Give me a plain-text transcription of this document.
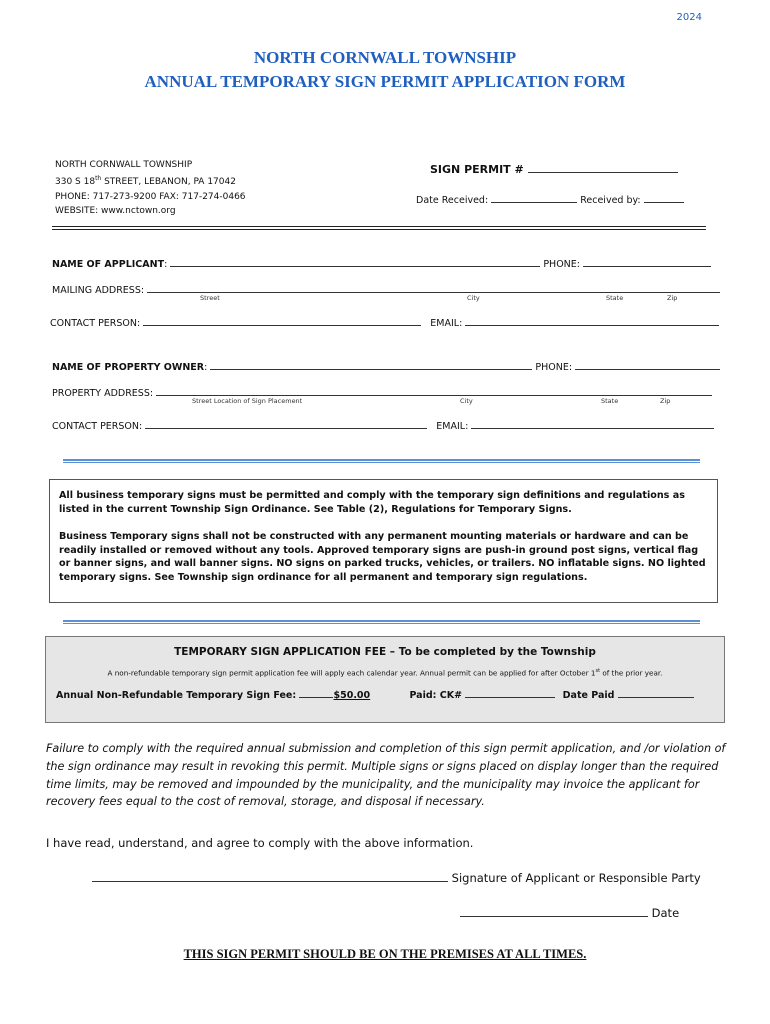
2024
NORTH CORNWALL TOWNSHIP
ANNUAL TEMPORARY SIGN PERMIT APPLICATION FORM
NORTH CORNWALL TOWNSHIP
330 S 18th STREET, LEBANON, PA 17042
PHONE: 717-273-9200 FAX: 717-274-0466
WEBSITE: www.nctown.org
SIGN PERMIT #
Date Received:	Received by:
NAME OF APPLICANT:	PHONE:
MAILING ADDRESS:
Street	City	State	Zip
CONTACT PERSON:	EMAIL:
NAME OF PROPERTY OWNER:	PHONE:
PROPERTY ADDRESS:
Street Location of Sign Placement	City	State	Zip
CONTACT PERSON:	EMAIL:
All business temporary signs must be permitted and comply with the temporary sign definitions and regulations as listed in the current Township Sign Ordinance. See Table (2), Regulations for Temporary Signs.
Business Temporary signs shall not be constructed with any permanent mounting materials or hardware and can be readily installed or removed without any tools. Approved temporary signs are push-in ground post signs, vertical flag or banner signs, and wall banner signs. NO signs on parked trucks, vehicles, or trailers. NO inflatable signs. NO lighted temporary signs. See Township sign ordinance for all permanent and temporary sign regulations.
TEMPORARY SIGN APPLICATION FEE – To be completed by the Township
A non-refundable temporary sign permit application fee will apply each calendar year. Annual permit can be applied for after October 1st of the prior year.
Annual Non-Refundable Temporary Sign Fee:	$50.00	Paid: CK#	Date Paid
Failure to comply with the required annual submission and completion of this sign permit application, and /or violation of the sign ordinance may result in revoking this permit. Multiple signs or signs placed on display longer than the required time limits, may be removed and impounded by the municipality, and the municipality may invoice the applicant for recovery fees equal to the cost of removal, storage, and disposal if necessary.
I have read, understand, and agree to comply with the above information.
Signature of Applicant or Responsible Party
Date
THIS SIGN PERMIT SHOULD BE ON THE PREMISES AT ALL TIMES.
